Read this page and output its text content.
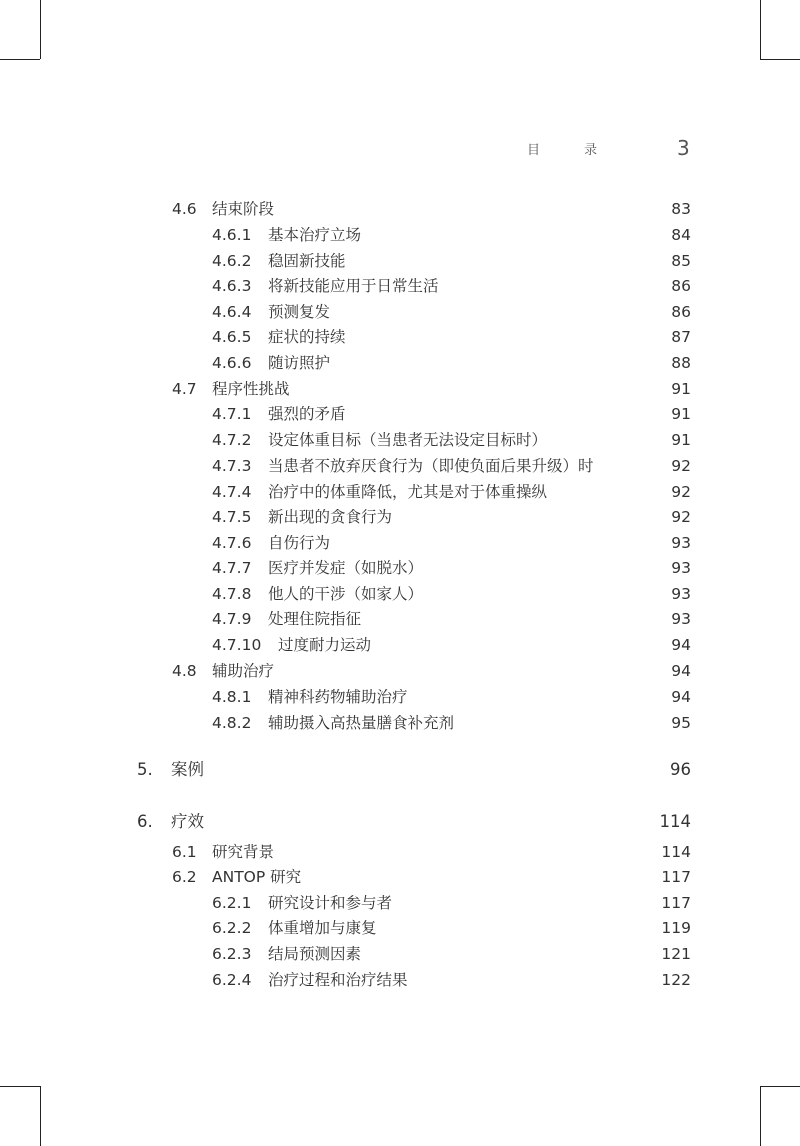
目 录	3
4.6 结束阶段	83
4.6.1 基本治疗立场	84
4.6.2 稳固新技能	85
4.6.3 将新技能应用于日常生活	86
4.6.4 预测复发	86
4.6.5 症状的持续	87
4.6.6 随访照护	88
4.7 程序性挑战	91
4.7.1 强烈的矛盾	91
4.7.2 设定体重目标（当患者无法设定目标时）	91
4.7.3 当患者不放弃厌食行为（即使负面后果升级）时	92
4.7.4 治疗中的体重降低，尤其是对于体重操纵	92
4.7.5 新出现的贪食行为	92
4.7.6 自伤行为	93
4.7.7 医疗并发症（如脱水）	93
4.7.8 他人的干涉（如家人）	93
4.7.9 处理住院指征	93
4.7.10 过度耐力运动	94
4.8 辅助治疗	94
4.8.1 精神科药物辅助治疗	94
4.8.2 辅助摄入高热量膳食补充剂	95
5. 案例	96
6. 疗效	114
6.1 研究背景	114
6.2 ANTOP 研究	117
6.2.1 研究设计和参与者	117
6.2.2 体重增加与康复	119
6.2.3 结局预测因素	121
6.2.4 治疗过程和治疗结果	122
